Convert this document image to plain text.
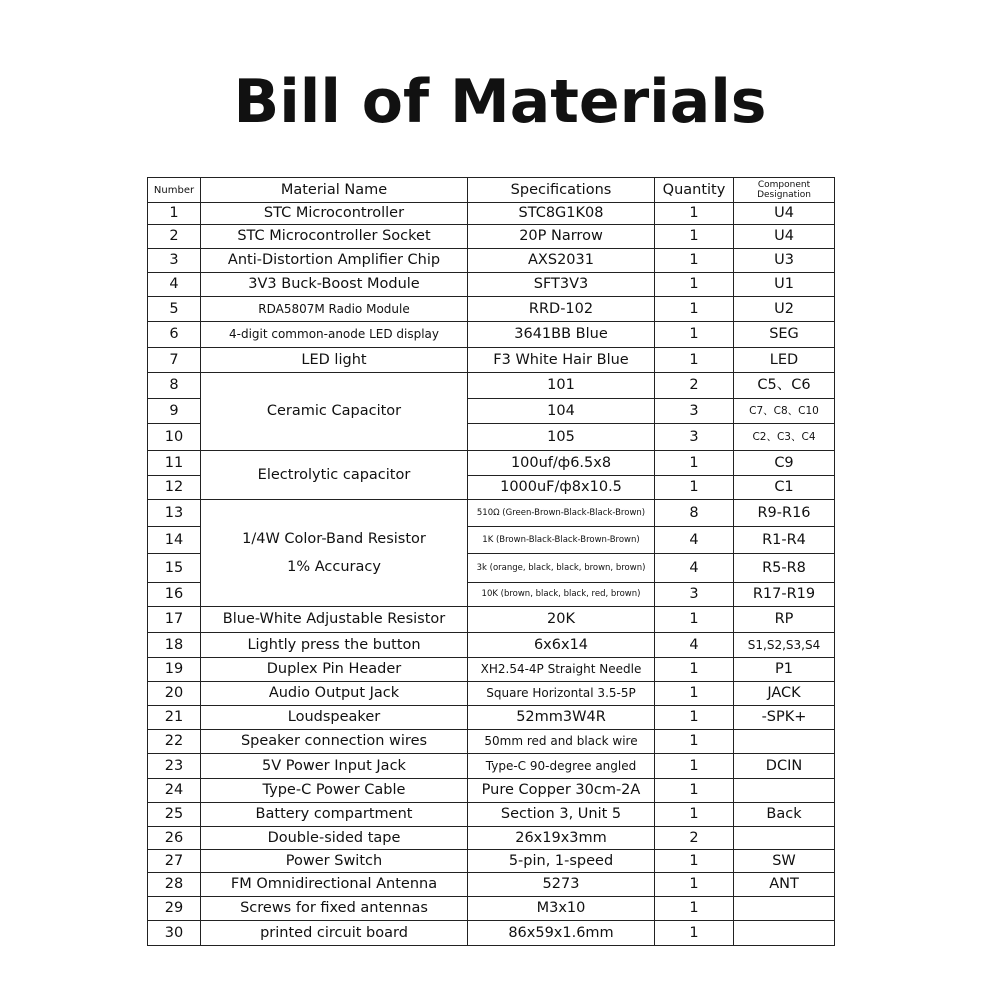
Bill of Materials
Number	Material Name	Specifications	Quantity	Component Designation
1	STC Microcontroller	STC8G1K08	1	U4
2	STC Microcontroller Socket	20P Narrow	1	U4
3	Anti-Distortion Amplifier Chip	AXS2031	1	U3
4	3V3 Buck-Boost Module	SFT3V3	1	U1
5	RDA5807M Radio Module	RRD-102	1	U2
6	4-digit common-anode LED display	3641BB Blue	1	SEG
7	LED light	F3 White Hair Blue	1	LED
8	Ceramic Capacitor	101	2	C5、C6
9		104	3	C7、C8、C10
10		105	3	C2、C3、C4
11	Electrolytic capacitor	100uf/ф6.5x8	1	C9
12		1000uF/ф8x10.5	1	C1
13	1/4W Color-Band Resistor
1% Accuracy	510Ω (Green-Brown-Black-Black-Brown)	8	R9-R16
14		1K (Brown-Black-Black-Brown-Brown)	4	R1-R4
15		3k (orange, black, black, brown, brown)	4	R5-R8
16		10K (brown, black, black, red, brown)	3	R17-R19
17	Blue-White Adjustable Resistor	20K	1	RP
18	Lightly press the button	6x6x14	4	S1,S2,S3,S4
19	Duplex Pin Header	XH2.54-4P Straight Needle	1	P1
20	Audio Output Jack	Square Horizontal 3.5-5P	1	JACK
21	Loudspeaker	52mm3W4R	1	-SPK+
22	Speaker connection wires	50mm red and black wire	1	
23	5V Power Input Jack	Type-C 90-degree angled	1	DCIN
24	Type-C Power Cable	Pure Copper 30cm-2A	1	
25	Battery compartment	Section 3, Unit 5	1	Back
26	Double-sided tape	26x19x3mm	2	
27	Power Switch	5-pin, 1-speed	1	SW
28	FM Omnidirectional Antenna	5273	1	ANT
29	Screws for fixed antennas	M3x10	1	
30	printed circuit board	86x59x1.6mm	1	
